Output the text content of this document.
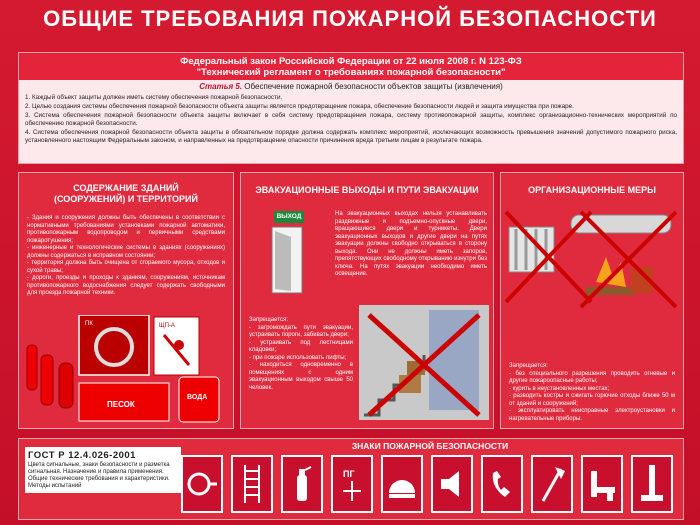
ОБЩИЕ ТРЕБОВАНИЯ ПОЖАРНОЙ БЕЗОПАСНОСТИ
Федеральный закон Российской Федерации от 22 июля 2008 г. N 123-ФЗ
"Технический регламент о требованиях пожарной безопасности"
Статья 5. Обеспечение пожарной безопасности объектов защиты (извлечения)
1. Каждый объект защиты должен иметь систему обеспечения пожарной безопасности.
2. Целью создания системы обеспечения пожарной безопасности объекта защиты является предотвращение пожара, обеспечение безопасности людей и защита имущества при пожаре.
3. Система обеспечения пожарной безопасности объекта защиты включает в себя систему предотвращения пожара, систему противопожарной защиты, комплекс организационно-технических мероприятий по обеспечению пожарной безопасности.
4. Система обеспечения пожарной безопасности объекта защиты в обязательном порядке должна содержать комплекс мероприятий, исключающих возможность превышения значений допустимого пожарного риска, установленного настоящим Федеральным законом, и направленных на предотвращение опасности причинения вреда третьим лицам в результате пожара.
СОДЕРЖАНИЕ ЗДАНИЙ (СООРУЖЕНИЙ) И ТЕРРИТОРИЙ
- Здания и сооружения должны быть обеспечены в соответствии с нормативными требованиями установками пожарной автоматики, противопожарным водопроводом и первичными средствами пожаротушения;
- инженерные и технологические системы в зданиях (сооружениях) должны содержаться в исправном состоянии;
- территория должна быть очищена от сгораемого мусора, отходов и сухой травы;
- дороги, проезды и проходы к зданиям, сооружениям, источникам противопожарного водоснабжения следует содержать свободными для проезда пожарной техники.
ПК	ЩП-А
ПЕСОК
ВОДА
ЭВАКУАЦИОННЫЕ ВЫХОДЫ И ПУТИ ЭВАКУАЦИИ
ВЫХОД	На эвакуационных выходах нельзя устанавливать раздвижные и подъемно-опускные двери, вращающиеся двери и турникеты. Двери эвакуационных выходов и другие двери на путях эвакуации должны свободно открываться в сторону выхода. Они не должны иметь запоров, препятствующих свободному открыванию изнутри без ключа. На путях эвакуации необходимо иметь освещение.
Запрещается:
- загромождать пути эвакуации, устраивать пороги, забивать двери;
- устраивать под лестницами кладовки;
- при пожаре использовать лифты;
- находиться одновременно в помещениях с одним эвакуационным выходом свыше 50 человек.
ОРГАНИЗАЦИОННЫЕ МЕРЫ
Запрещается:
- без специального разрешения проводить огневые и другие пожароопасные работы;
- курить в неустановленных местах;
- разводить костры и сжигать горючие отходы ближе 50 м от зданий и сооружений;
- эксплуатировать неисправные электроустановки и нагревательные приборы.
ЗНАКИ ПОЖАРНОЙ БЕЗОПАСНОСТИ
ГОСТ Р 12.4.026-2001
Цвета сигнальные, знаки безопасности и разметка сигнальная. Назначение и правила применения. Общие технические требования и характеристики. Методы испытаний
ПГ
